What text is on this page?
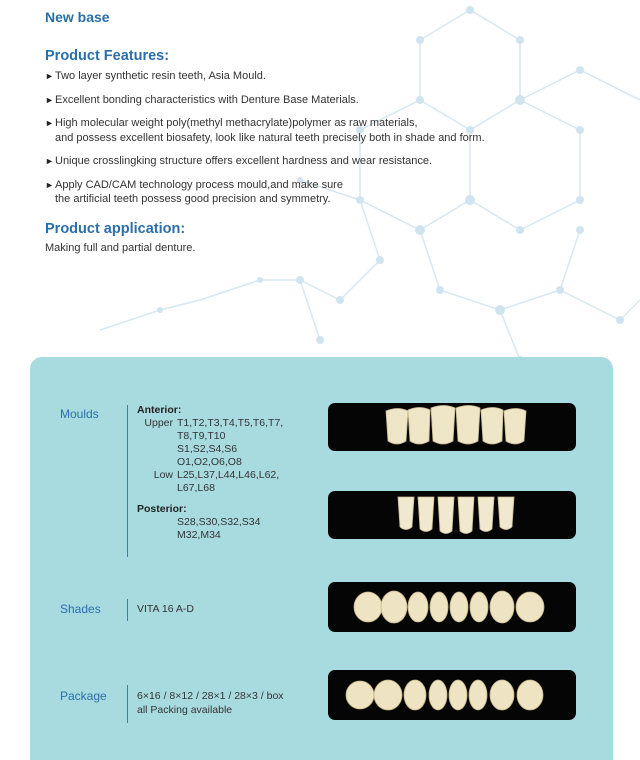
New base
Product Features:
► Two layer synthetic resin teeth, Asia Mould.
► Excellent bonding characteristics with Denture Base Materials.
► High molecular weight poly(methyl methacrylate)polymer as raw materials,
and possess excellent biosafety, look like natural teeth precisely both in shade and form.
► Unique crosslingking structure offers excellent hardness and wear resistance.
► Apply CAD/CAM technology process mould,and make sure
the artificial teeth possess good precision and symmetry.
Product application:
Making full and partial denture.
Moulds	Anterior:
Upper T1,T2,T3,T4,T5,T6,T7,
T8,T9,T10
S1,S2,S4,S6
O1,O2,O6,O8
Low L25,L37,L44,L46,L62,
L67,L68
Posterior:
S28,S30,S32,S34
M32,M34
Shades	VITA 16 A-D
Package	6×16 / 8×12 / 28×1 / 28×3 / box
all Packing available
